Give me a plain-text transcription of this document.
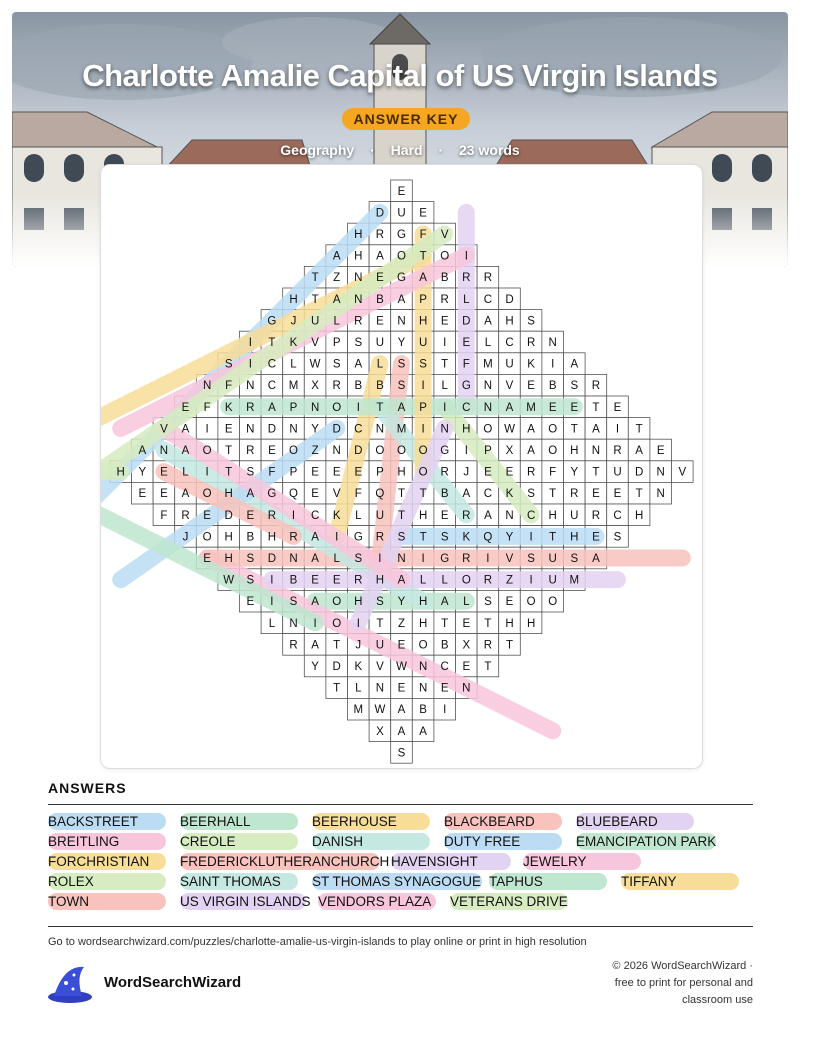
Charlotte Amalie Capital of US Virgin Islands
ANSWER KEY
Geography · Hard · 23 words
E
D U E
H R G F V
A H A O T O I
T Z N E G A B R R
H T A N B A P R L C D
G J U L R E N H E D A H S
I T K V P S U Y U I E L C R N
S I C L W S A L S S T F M U K I A
N F N C M X R B B S I L G N V E B S R
E F K R A P N O I T A P I C N A M E E T E
V A I E N D N Y D C N M I N H O W A O T A I T
A N A O T R E O Z N D O O O G I P X A O H N R A E
H Y E L I T S F P E E E P H O R J E E R F Y T U D N V
E E A O H A G Q E V F Q T T B A C K S T R E E T N
F R E D E R I C K L U T H E R A N C H U R C H
J O H B H R A I G R S T S K Q Y I T H E S
E H S D N A L S I N I G R I V S U S A
W S I B E E R H A L L O R Z I U M
E I S A O H S Y H A L S E O O
L N I O I T Z H T E T H H
R A T J U E O B X R T
Y D K V W N C E T
T L N E N E N
M W A B I
X A A
S
ANSWERS
BACKSTREET	BEERHALL	BEERHOUSE	BLACKBEARD	BLUEBEARD
BREITLING	CREOLE	DANISH	DUTY FREE	EMANCIPATION PARK
FORCHRISTIAN FREDERICKLUTHERANCHURCH HAVENSIGHT	JEWELRY
ROLEX	SAINT THOMAS ST THOMAS SYNAGOGUE TAPHUS	TIFFANY
TOWN	US VIRGIN ISLANDS VENDORS PLAZA VETERANS DRIVE
Go to wordsearchwizard.com/puzzles/charlotte-amalie-us-virgin-islands to play online or print in high resolution
WordSearchWizard
© 2026 WordSearchWizard ·
free to print for personal and
classroom use
